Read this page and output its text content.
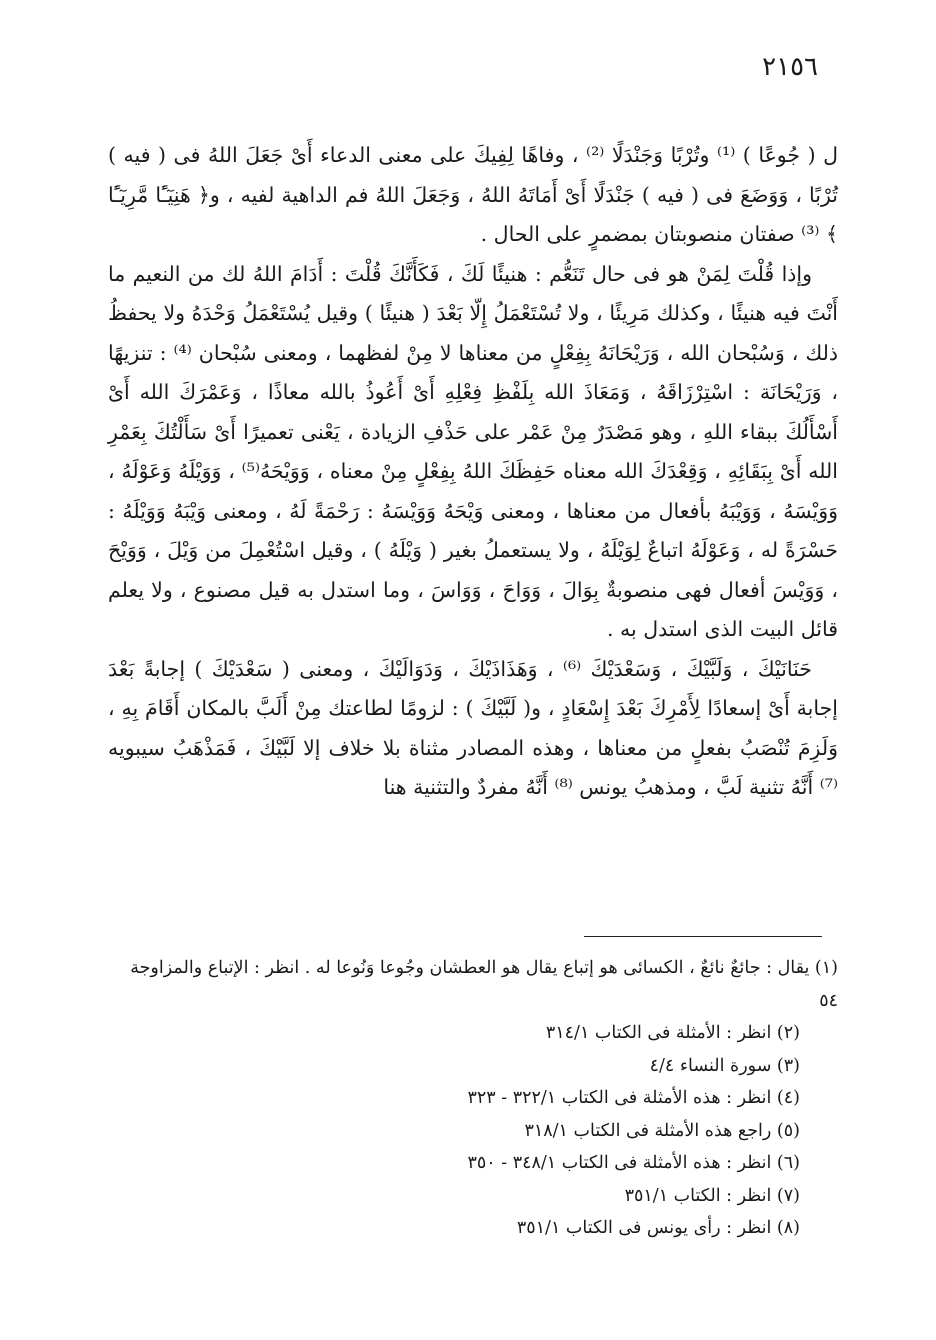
٢١٥٦

ل ( جُوعًا ) ⁽¹⁾ وتُرْبًا وَجَنْدَلًا ⁽²⁾ ، وفاهًا لِفِيكَ على معنى الدعاء أَىْ جَعَلَ اللهُ فى ( فيه ) تُرْبًا ، وَوَضَعَ فى ( فيه ) جَنْدَلًا أَىْ أَمَاتَهُ اللهُ ، وَجَعَلَ اللهُ فم الداهية لفيه ، و﴿ هَنِيٓـًٔا مَّرِيٓـًٔا ﴾ ⁽³⁾ صفتان منصوبتان بمضمرٍ على الحال .

وإذا قُلْتَ لِمَنْ هو فى حال تَنَعُّم : هنيئًا لَكَ ، فَكَأَنَّكَ قُلْتَ : أَدَامَ اللهُ لك من النعيم ما أَنْتَ فيه هنيئًا ، وكذلك مَرِيئًا ، ولا تُسْتَعْمَلُ إِلّا بَعْدَ ( هنيئًا ) وقيل يُسْتَعْمَلُ وَحْدَهُ ولا يحفظُ ذلك ، وَسُبْحان الله ، وَرَيْحَانَهُ بِفِعْلٍ من معناها لا مِنْ لفظهما ، ومعنى سُبْحان ⁽⁴⁾ : تنزيهًا ، وَرَيْحَانَة : اسْتِرْزَاقَهُ ، وَمَعَاذَ الله بِلَفْظِ فِعْلِهِ أَىْ أَعُوذُ بالله معاذًا ، وَعَمْرَكَ الله أَىْ أَسْأَلُكَ ببقاء اللهِ ، وهو مَصْدَرٌ مِنْ عَمْر على حَذْفِ الزيادة ، يَعْنى تعميرًا أَىْ سَأَلْتُكَ بِعَمْرِ الله أَىْ بِبَقَائِهِ ، وَقِعْدَكَ الله معناه حَفِظَكَ اللهُ بِفِعْلٍ مِنْ معناه ، وَوَيْحَهُ⁽⁵⁾ ، وَوَيْلَهُ وَعَوْلَهُ ، وَوَيْسَهُ ، وَوَيْبَهُ بأفعال من معناها ، ومعنى وَيْحَهُ وَوَيْسَهُ : رَحْمَةً لَهُ ، ومعنى وَيْبَهُ وَوَيْلَهُ : حَسْرَةً له ، وَعَوْلَهُ اتباعٌ لِوَيْلَهُ ، ولا يستعملُ بغير ( وَيْلَهُ ) ، وقيل اسْتُعْمِلَ من وَيْلَ ، وَوَيْحَ ، وَوَيْسَ أفعال فهى منصوبةٌ بِوَالَ ، وَوَاحَ ، وَوَاسَ ، وما استدل به قيل مصنوع ، ولا يعلم قائل البيت الذى استدل به .

حَنَانَيْكَ ، وَلَبَّيْكَ ، وَسَعْدَيْكَ ⁽⁶⁾ ، وَهَذَاذَيْكَ ، وَدَوَالَيْكَ ، ومعنى ( سَعْدَيْكَ ) إجابةً بَعْدَ إجابة أَىْ إسعادًا لِأَمْرِكَ بَعْدَ إِسْعَادٍ ، و( لَبَّيْكَ ) : لزومًا لطاعتك مِنْ أَلَبَّ بالمكان أَقَامَ بِهِ ، وَلَزِمَ تُنْصَبُ بفعلٍ من معناها ، وهذه المصادر مثناة بلا خلاف إلا لَبَّيْكَ ، فَمَذْهَبُ سيبويه ⁽⁷⁾ أَنَّهُ تثنية لَبَّ ، ومذهبُ يونس ⁽⁸⁾ أَنَّهُ مفردٌ والتثنية هنا

(١) يقال : جائعٌ نائعٌ ، الكسائى هو إتباع يقال هو العطشان وجُوعا وَنُوعا له . انظر : الإتباع والمزاوجة ٥٤

(٢) انظر : الأمثلة فى الكتاب ٣١٤/١

(٣) سورة النساء ٤/٤

(٤) انظر : هذه الأمثلة فى الكتاب ٣٢٢/١ - ٣٢٣

(٥) راجع هذه الأمثلة فى الكتاب ٣١٨/١

(٦) انظر : هذه الأمثلة فى الكتاب ٣٤٨/١ - ٣٥٠

(٧) انظر : الكتاب ٣٥١/١

(٨) انظر : رأى يونس فى الكتاب ٣٥١/١
